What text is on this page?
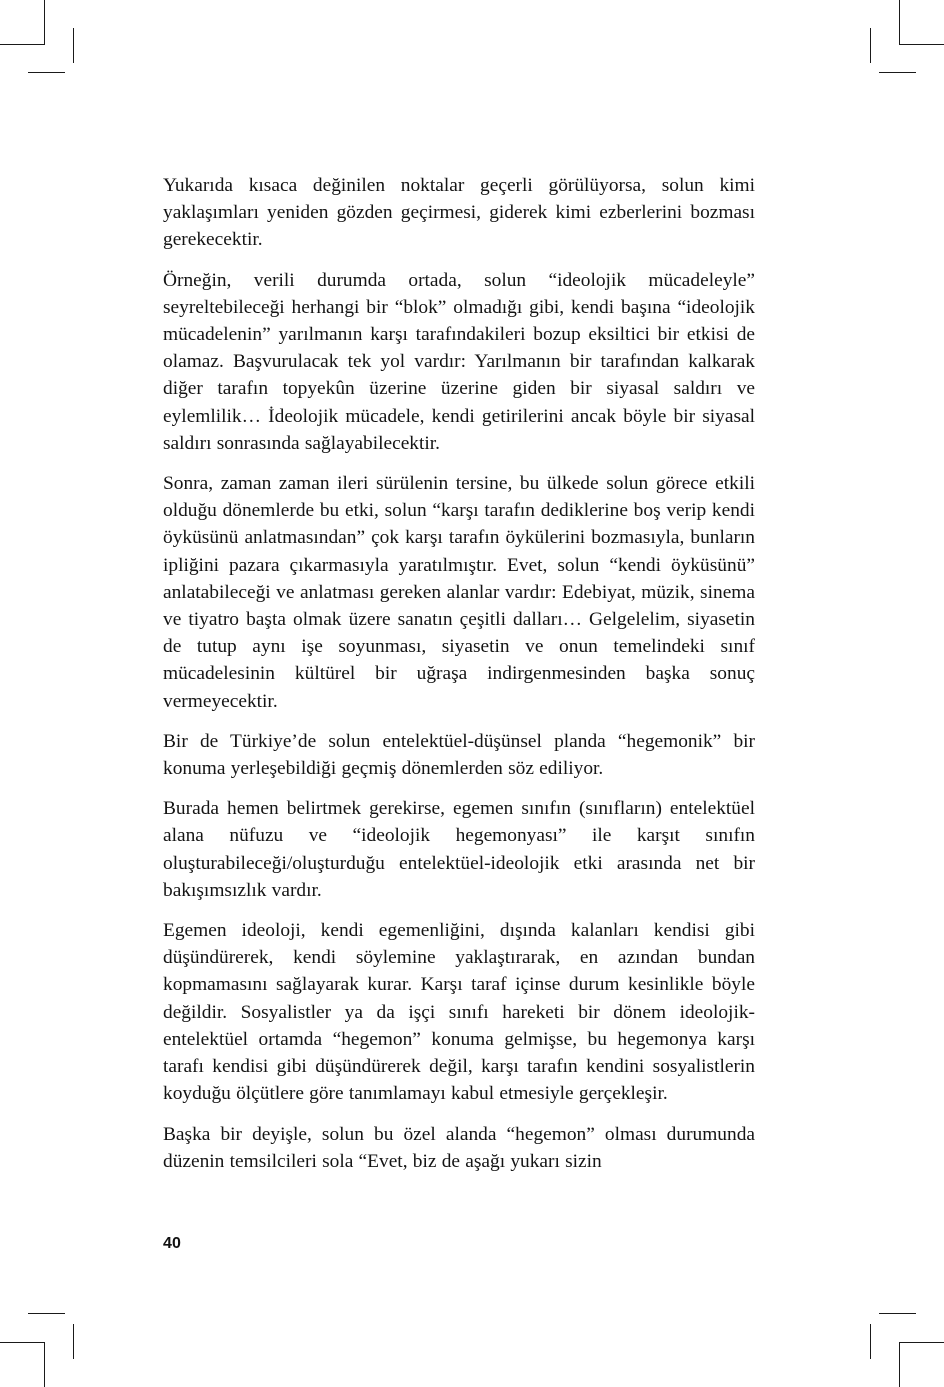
Yukarıda kısaca değinilen noktalar geçerli görülüyorsa, solun kimi yaklaşımları yeniden gözden geçirmesi, giderek kimi ezberlerini bozması gerekecektir.

Örneğin, verili durumda ortada, solun “ideolojik mücadeleyle” seyreltebileceği herhangi bir “blok” olmadığı gibi, kendi başına “ideolojik mücadelenin” yarılmanın karşı tarafındakileri bozup eksiltici bir etkisi de olamaz. Başvurulacak tek yol vardır: Yarılmanın bir tarafından kalkarak diğer tarafın topyekûn üzerine üzerine giden bir siyasal saldırı ve eylemlilik… İdeolojik mücadele, kendi getirilerini ancak böyle bir siyasal saldırı sonrasında sağlayabilecektir.

Sonra, zaman zaman ileri sürülenin tersine, bu ülkede solun görece etkili olduğu dönemlerde bu etki, solun “karşı tarafın dediklerine boş verip kendi öyküsünü anlatmasından” çok karşı tarafın öykülerini bozmasıyla, bunların ipliğini pazara çıkarmasıyla yaratılmıştır. Evet, solun “kendi öyküsünü” anlatabileceği ve anlatması gereken alanlar vardır: Edebiyat, müzik, sinema ve tiyatro başta olmak üzere sanatın çeşitli dalları… Gelgelelim, siyasetin de tutup aynı işe soyunması, siyasetin ve onun temelindeki sınıf mücadelesinin kültürel bir uğraşa indirgenmesinden başka sonuç vermeyecektir.

Bir de Türkiye’de solun entelektüel-düşünsel planda “hegemonik” bir konuma yerleşebildiği geçmiş dönemlerden söz ediliyor.

Burada hemen belirtmek gerekirse, egemen sınıfın (sınıfların) entelektüel alana nüfuzu ve “ideolojik hegemonyası” ile karşıt sınıfın oluşturabileceği/oluşturduğu entelektüel-ideolojik etki arasında net bir bakışımsızlık vardır.

Egemen ideoloji, kendi egemenliğini, dışında kalanları kendisi gibi düşündürerek, kendi söylemine yaklaştırarak, en azından bundan kopmamasını sağlayarak kurar. Karşı taraf içinse durum kesinlikle böyle değildir. Sosyalistler ya da işçi sınıfı hareketi bir dönem ideolojik-entelektüel ortamda “hegemon” konuma gelmişse, bu hegemonya karşı tarafı kendisi gibi düşündürerek değil, karşı tarafın kendini sosyalistlerin koyduğu ölçütlere göre tanımlamayı kabul etmesiyle gerçekleşir.

Başka bir deyişle, solun bu özel alanda “hegemon” olması durumunda düzenin temsilcileri sola “Evet, biz de aşağı yukarı sizin

40
